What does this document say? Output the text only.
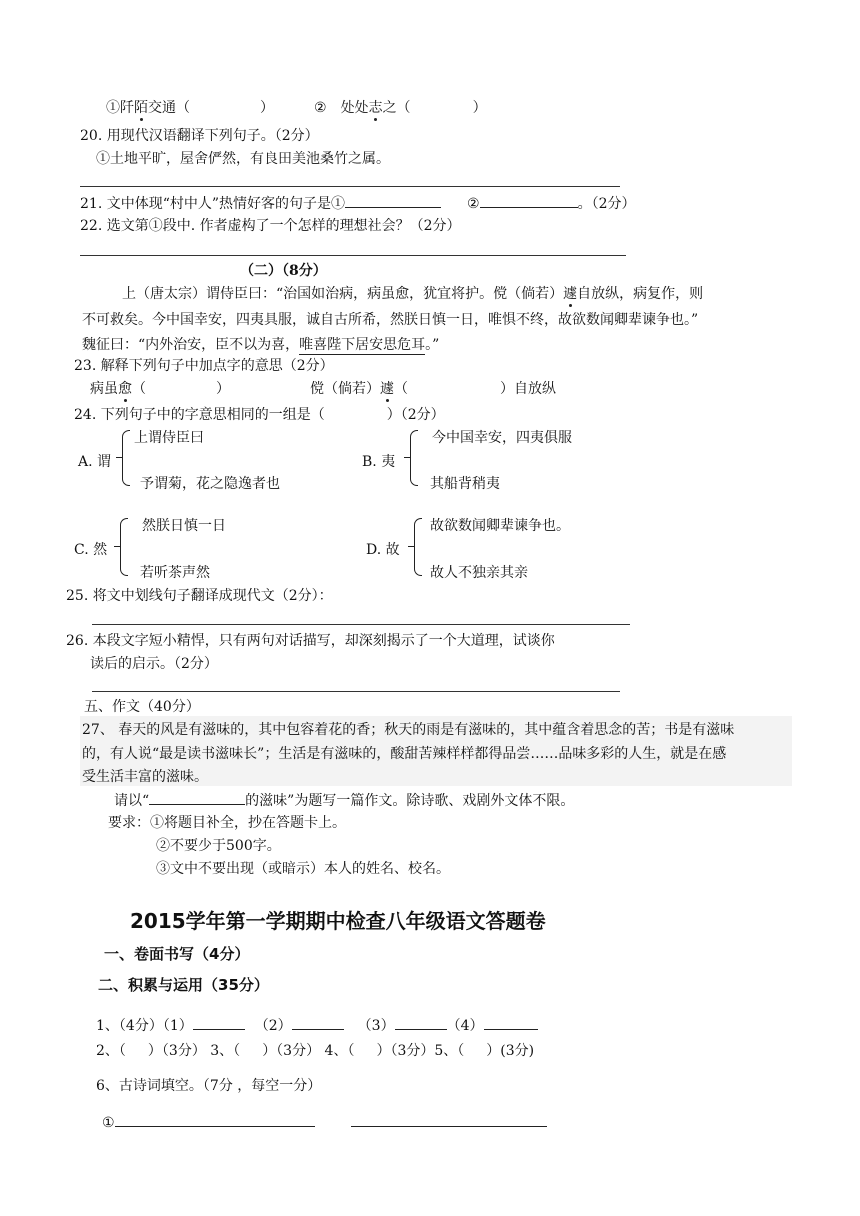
①阡陌交通（	）	② 处处志之（	）
20. 用现代汉语翻译下列句子。（2分）
①土地平旷，屋舍俨然，有良田美池桑竹之属。
21. 文中体现“村中人”热情好客的句子是①	②	。（2分）
22. 选文第①段中. 作者虚构了一个怎样的理想社会？（2分）
（二）（8分）
上（唐太宗）谓侍臣曰：“治国如治病，病虽愈，犹宜将护。傥（倘若）遽自放纵，病复作，则
不可救矣。今中国幸安，四夷具服，诚自古所希，然朕日慎一日，唯惧不终，故欲数闻卿辈谏争也。”
魏征曰：“内外治安，臣不以为喜，唯喜陛下居安思危耳。”
23. 解释下列句子中加点字的意思（2分）
病虽愈（	）	傥（倘若）遽（	）自放纵
24. 下列句子中的字意思相同的一组是（	）（2分）
A. 谓
上谓侍臣曰
予谓菊，花之隐逸者也
B. 夷
今中国幸安，四夷俱服
其船背稍夷
C. 然
然朕日慎一日
若听茶声然
D. 故
故欲数闻卿辈谏争也。
故人不独亲其亲
25. 将文中划线句子翻译成现代文（2分）：
26. 本段文字短小精悍，只有两句对话描写，却深刻揭示了一个大道理，试谈你
读后的启示。（2分）
五、作文（40分）
27、 春天的风是有滋味的，其中包容着花的香；秋天的雨是有滋味的，其中蕴含着思念的苦；书是有滋味
的，有人说“最是读书滋味长”；生活是有滋味的，酸甜苦辣样样都得品尝……品味多彩的人生，就是在感
受生活丰富的滋味。
请以“	的滋味”为题写一篇作文。除诗歌、戏剧外文体不限。
要求：①将题目补全，抄在答题卡上。
②不要少于500字。
③文中不要出现（或暗示）本人的姓名、校名。
2015学年第一学期期中检查八年级语文答题卷
一、卷面书写（4分）
二、积累与运用（35分）
1、（4分）（1）	（2）	（3）	（4）
2、（ ）（3分） 3、（ ）（3分） 4、（ ）（3分）5、（ ）(3分)
6、古诗词填空。（7分 ，每空一分）
①
